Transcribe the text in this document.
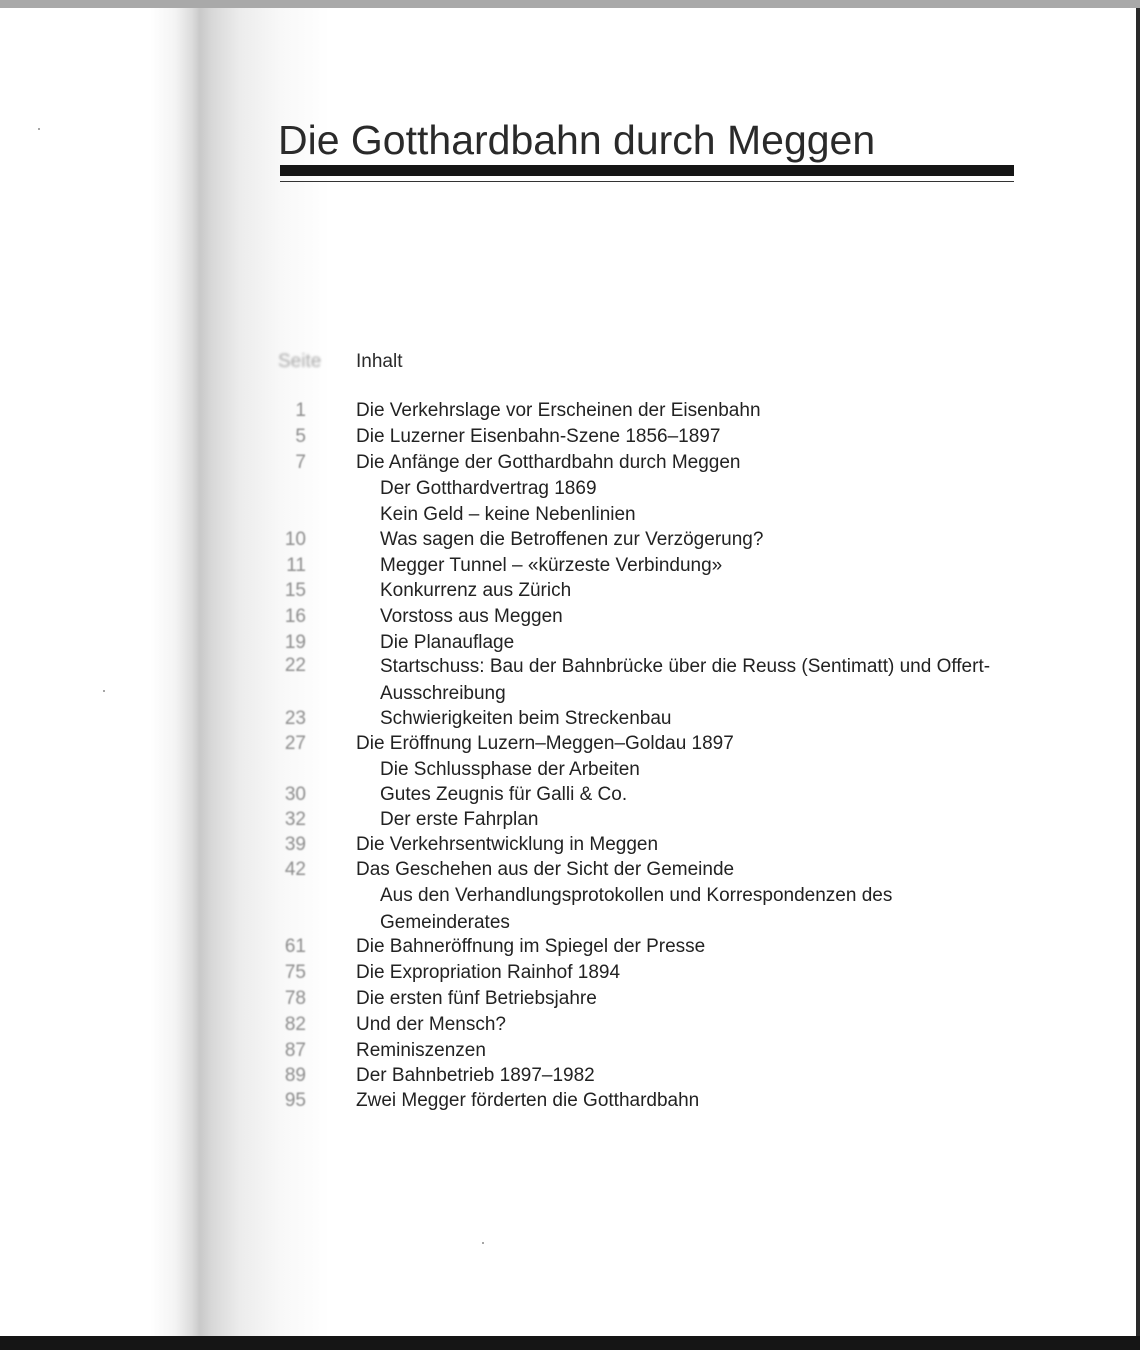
Die Gotthardbahn durch Meggen
Seite	Inhalt
1	Die Verkehrslage vor Erscheinen der Eisenbahn
5	Die Luzerner Eisenbahn-Szene 1856–1897
7	Die Anfänge der Gotthardbahn durch Meggen
Der Gotthardvertrag 1869
Kein Geld – keine Nebenlinien
10	Was sagen die Betroffenen zur Verzögerung?
11	Megger Tunnel – «kürzeste Verbindung»
15	Konkurrenz aus Zürich
16	Vorstoss aus Meggen
19	Die Planauflage
22	Startschuss: Bau der Bahnbrücke über die Reuss (Sentimatt) und Offert-Ausschreibung
23	Schwierigkeiten beim Streckenbau
27	Die Eröffnung Luzern–Meggen–Goldau 1897
Die Schlussphase der Arbeiten
30	Gutes Zeugnis für Galli & Co.
32	Der erste Fahrplan
39	Die Verkehrsentwicklung in Meggen
42	Das Geschehen aus der Sicht der Gemeinde
Aus den Verhandlungsprotokollen und Korrespondenzen des Gemeinderates
61	Die Bahneröffnung im Spiegel der Presse
75	Die Expropriation Rainhof 1894
78	Die ersten fünf Betriebsjahre
82	Und der Mensch?
87	Reminiszenzen
89	Der Bahnbetrieb 1897–1982
95	Zwei Megger förderten die Gotthardbahn
